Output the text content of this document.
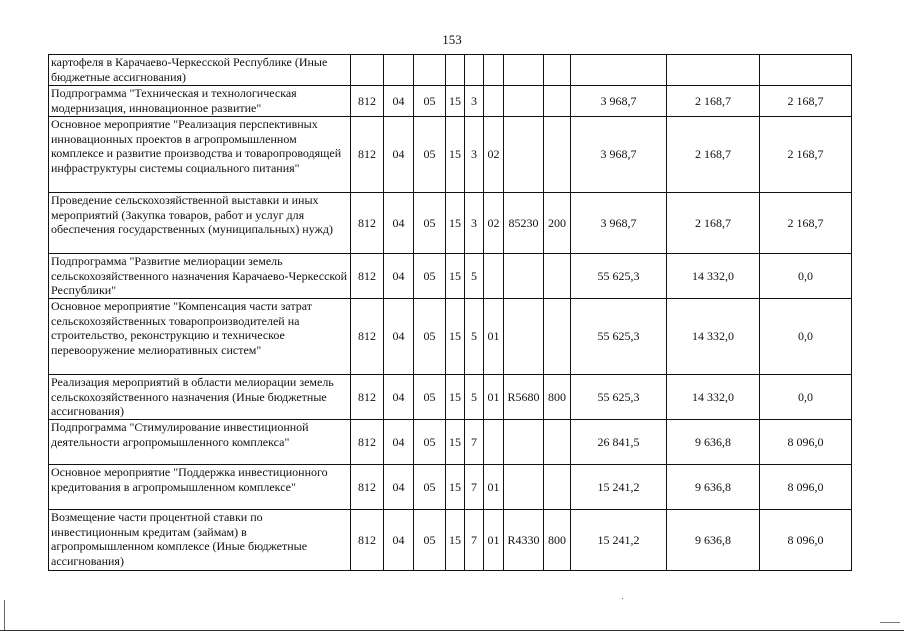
153
картофеля в Карачаево-Черкесской Республике (Иные бюджетные ассигнования)											
Подпрограмма "Техническая и технологическая модернизация, инновационное развитие"	812	04	05	15	3				3 968,7	2 168,7	2 168,7
Основное мероприятие "Реализация перспективных инновационных проектов в агропромышленном комплексе и развитие производства и товаропроводящей инфраструктуры системы социального питания"	812	04	05	15	3	02			3 968,7	2 168,7	2 168,7
Проведение сельскохозяйственной выставки и иных мероприятий (Закупка товаров, работ и услуг для обеспечения государственных (муниципальных) нужд)	812	04	05	15	3	02	85230	200	3 968,7	2 168,7	2 168,7
Подпрограмма "Развитие мелиорации земель сельскохозяйственного назначения Карачаево-Черкесской Республики"	812	04	05	15	5				55 625,3	14 332,0	0,0
Основное мероприятие "Компенсация части затрат сельскохозяйственных товаропроизводителей на строительство, реконструкцию и техническое перевооружение мелиоративных систем"	812	04	05	15	5	01			55 625,3	14 332,0	0,0
Реализация мероприятий в области мелиорации земель сельскохозяйственного назначения (Иные бюджетные ассигнования)	812	04	05	15	5	01	R5680	800	55 625,3	14 332,0	0,0
Подпрограмма "Стимулирование инвестиционной деятельности агропромышленного комплекса"	812	04	05	15	7				26 841,5	9 636,8	8 096,0
Основное мероприятие "Поддержка инвестиционного кредитования в агропромышленном комплексе"	812	04	05	15	7	01			15 241,2	9 636,8	8 096,0
Возмещение части процентной ставки по инвестиционным кредитам (займам) в агропромышленном комплексе (Иные бюджетные ассигнования)	812	04	05	15	7	01	R4330	800	15 241,2	9 636,8	8 096,0
